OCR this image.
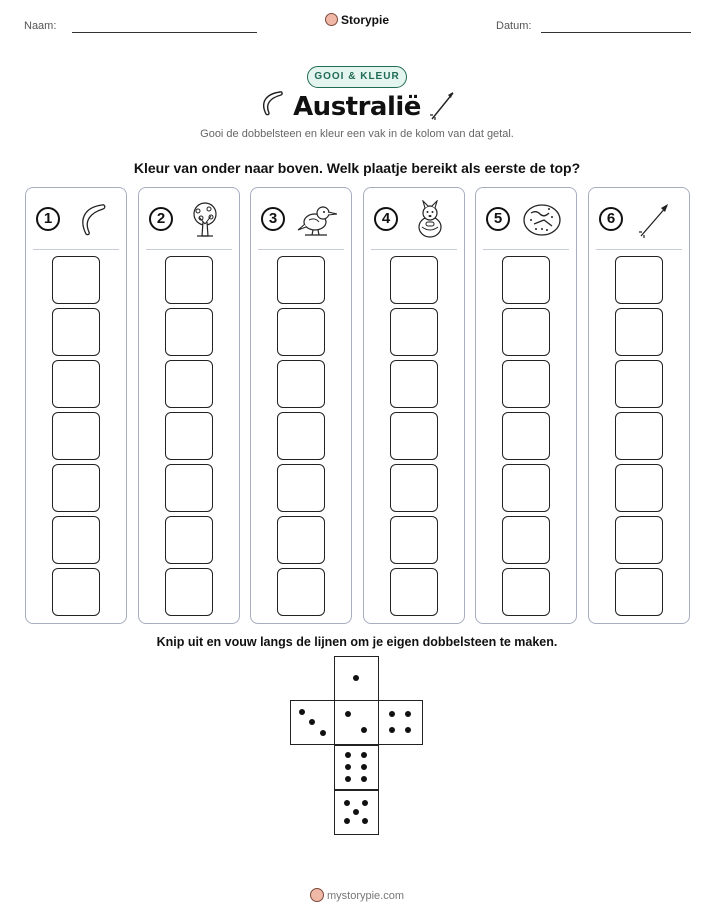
Naam:	Storypie	Datum:
GOOI & KLEUR
Australië
Gooi de dobbelsteen en kleur een vak in de kolom van dat getal.
Kleur van onder naar boven. Welk plaatje bereikt als eerste de top?
1	2	3	4	5	6
Knip uit en vouw langs de lijnen om je eigen dobbelsteen te maken.
mystorypie.com
